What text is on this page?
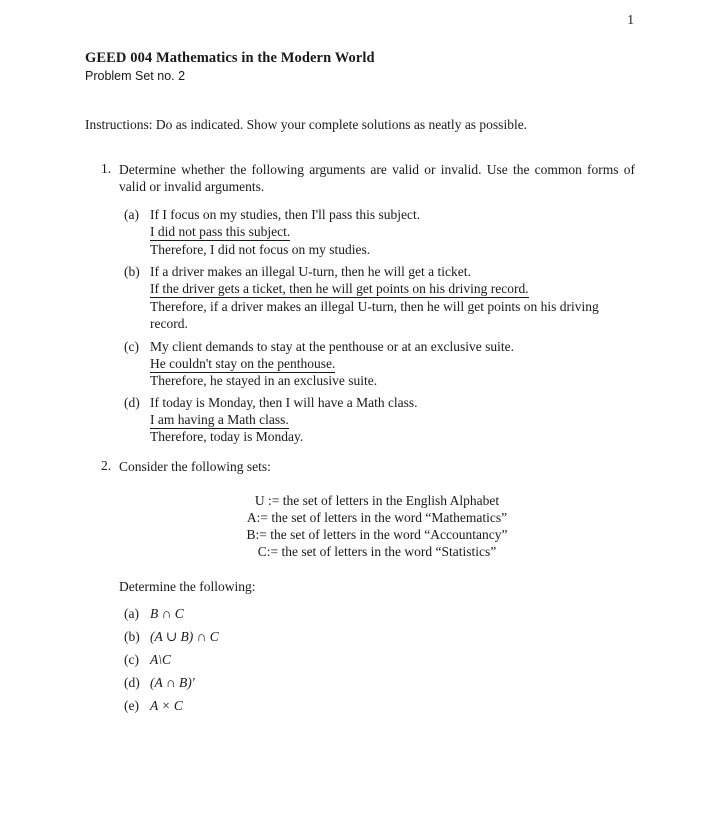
1
GEED 004 Mathematics in the Modern World
Problem Set no. 2
Instructions: Do as indicated. Show your complete solutions as neatly as possible.
1. Determine whether the following arguments are valid or invalid. Use the common forms of valid or invalid arguments.
(a) If I focus on my studies, then I'll pass this subject.
I did not pass this subject.
Therefore, I did not focus on my studies.
(b) If a driver makes an illegal U-turn, then he will get a ticket.
If the driver gets a ticket, then he will get points on his driving record.
Therefore, if a driver makes an illegal U-turn, then he will get points on his driving record.
(c) My client demands to stay at the penthouse or at an exclusive suite.
He couldn't stay on the penthouse.
Therefore, he stayed in an exclusive suite.
(d) If today is Monday, then I will have a Math class.
I am having a Math class.
Therefore, today is Monday.
2. Consider the following sets:
U := the set of letters in the English Alphabet
A:= the set of letters in the word “Mathematics”
B:= the set of letters in the word “Accountancy”
C:= the set of letters in the word “Statistics”
Determine the following:
(a) B ∩ C
(b) (A ∪ B) ∩ C
(c) A\C
(d) (A ∩ B)′
(e) A × C
